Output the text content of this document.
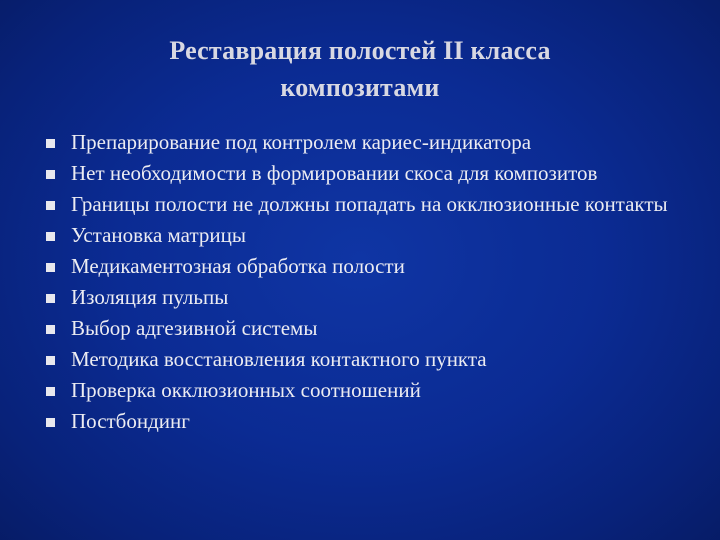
Реставрация полостей II класса
композитами
Препарирование под контролем кариес-индикатора
Нет необходимости в формировании скоса для композитов
Границы полости не должны попадать на окклюзионные контакты
Установка матрицы
Медикаментозная обработка полости
Изоляция пульпы
Выбор адгезивной системы
Методика восстановления контактного пункта
Проверка окклюзионных соотношений
Постбондинг
